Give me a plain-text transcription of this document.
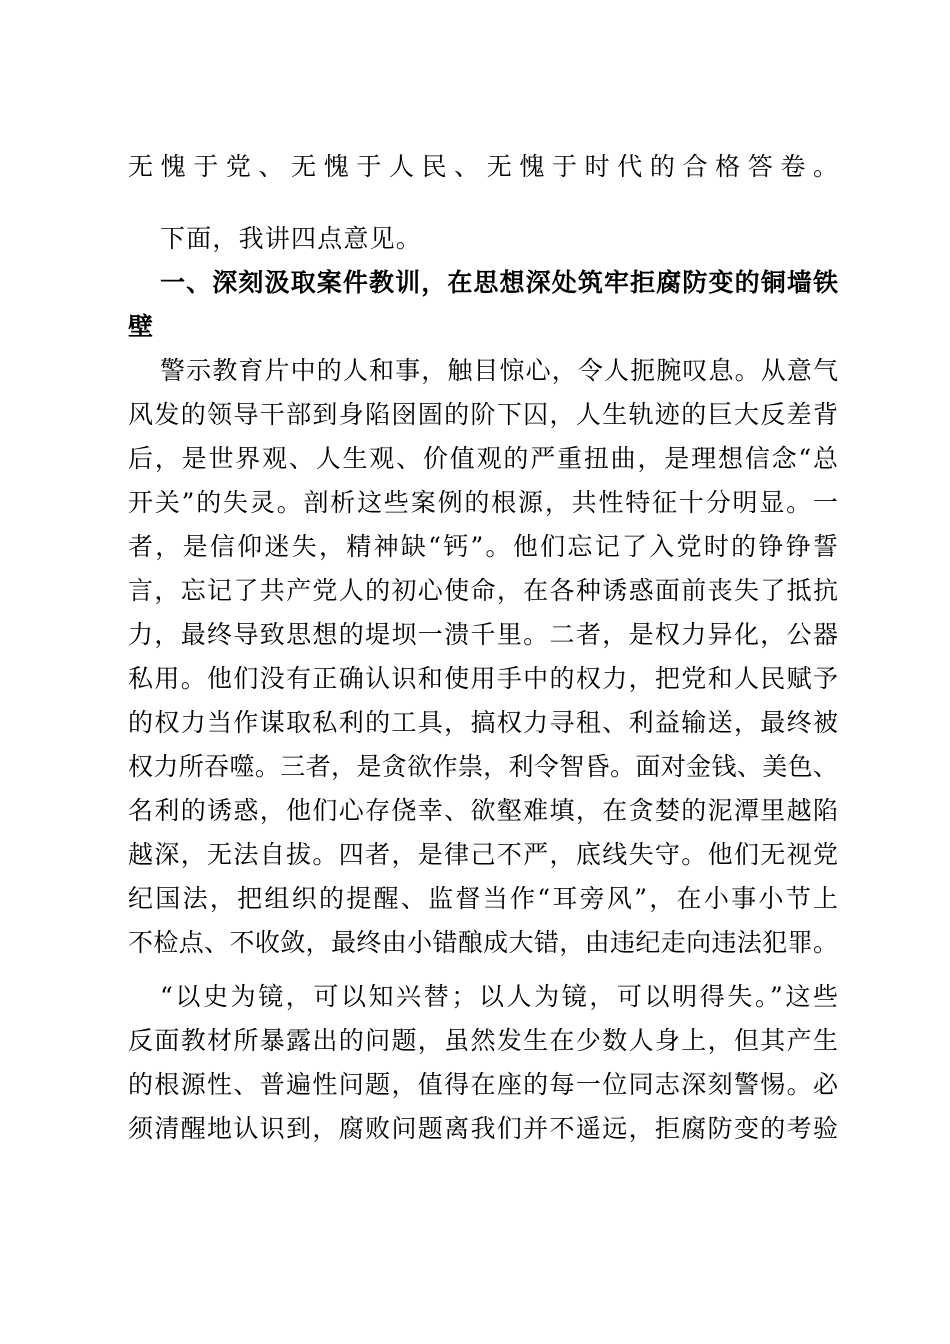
无愧于党、无愧于人民、无愧于时代的合格答卷。
下面，我讲四点意见。
一、深刻汲取案件教训，在思想深处筑牢拒腐防变的铜墙铁
壁
警示教育片中的人和事，触目惊心，令人扼腕叹息。从意气
风发的领导干部到身陷囹圄的阶下囚，人生轨迹的巨大反差背
后，是世界观、人生观、价值观的严重扭曲，是理想信念“总
开关”的失灵。剖析这些案例的根源，共性特征十分明显。一
者，是信仰迷失，精神缺“钙”。他们忘记了入党时的铮铮誓
言，忘记了共产党人的初心使命，在各种诱惑面前丧失了抵抗
力，最终导致思想的堤坝一溃千里。二者，是权力异化，公器
私用。他们没有正确认识和使用手中的权力，把党和人民赋予
的权力当作谋取私利的工具，搞权力寻租、利益输送，最终被
权力所吞噬。三者，是贪欲作祟，利令智昏。面对金钱、美色、
名利的诱惑，他们心存侥幸、欲壑难填，在贪婪的泥潭里越陷
越深，无法自拔。四者，是律己不严，底线失守。他们无视党
纪国法，把组织的提醒、监督当作“耳旁风”，在小事小节上
不检点、不收敛，最终由小错酿成大错，由违纪走向违法犯罪。
“以史为镜，可以知兴替；以人为镜，可以明得失。”这些
反面教材所暴露出的问题，虽然发生在少数人身上，但其产生
的根源性、普遍性问题，值得在座的每一位同志深刻警惕。必
须清醒地认识到，腐败问题离我们并不遥远，拒腐防变的考验
